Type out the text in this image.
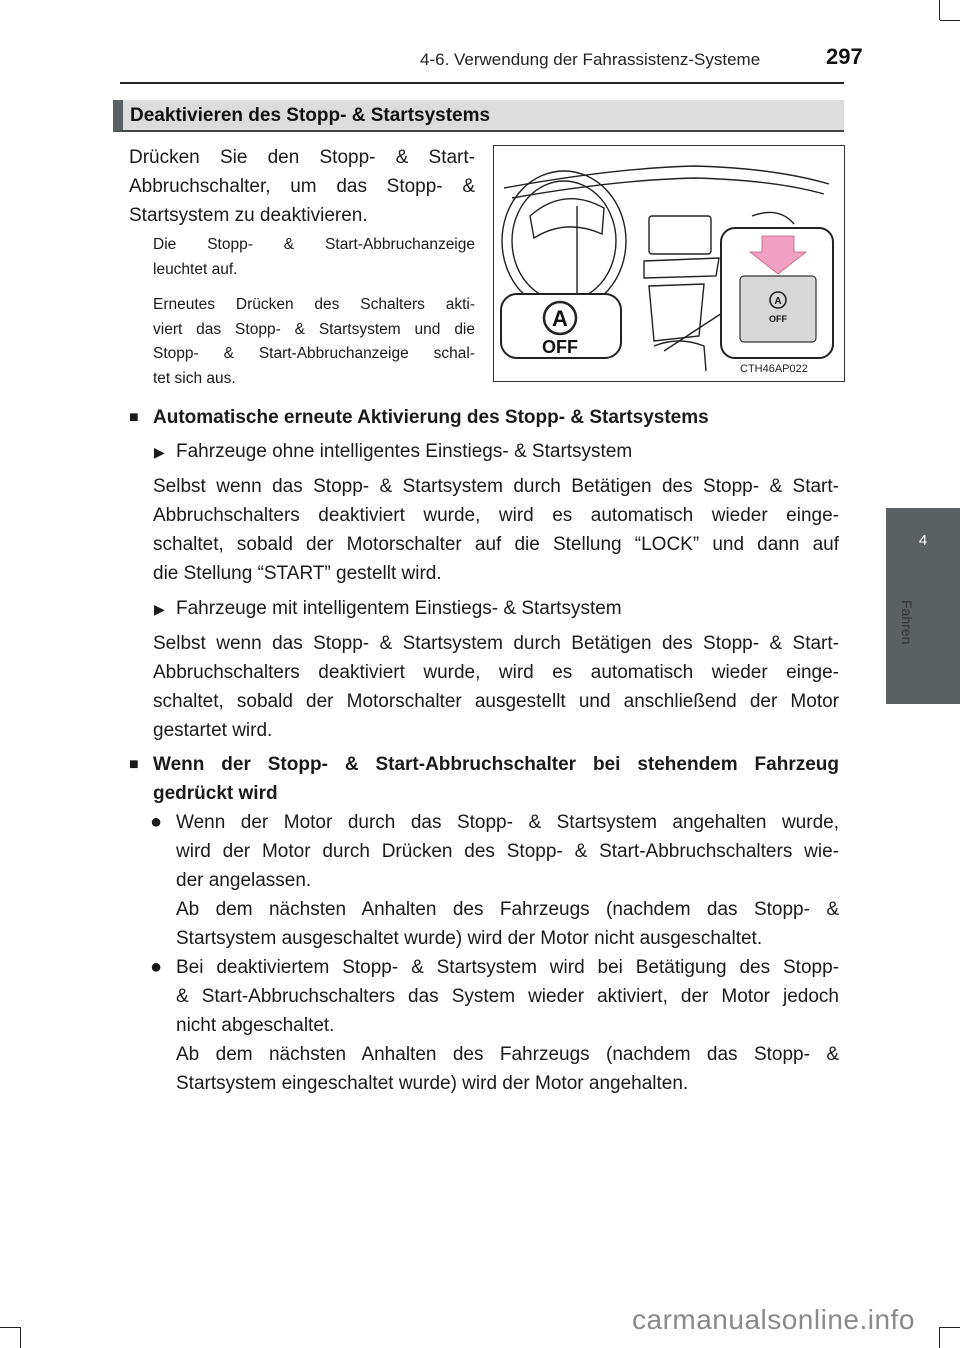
4-6. Verwendung der Fahrassistenz-Systeme	297
4
Fahren
Deaktivieren des Stopp- & Startsystems
Drücken Sie den Stopp- & Start-
Abbruchschalter, um das Stopp- &
Startsystem zu deaktivieren.
Die Stopp- & Start-Abbruchanzeige
leuchtet auf.
Erneutes Drücken des Schalters akti-
viert das Stopp- & Startsystem und die
Stopp- & Start-Abbruchanzeige schal-
tet sich aus.
A
OFF
A
OFF
CTH46AP022
■ Automatische erneute Aktivierung des Stopp- & Startsystems
▶ Fahrzeuge ohne intelligentes Einstiegs- & Startsystem
Selbst wenn das Stopp- & Startsystem durch Betätigen des Stopp- & Start-
Abbruchschalters deaktiviert wurde, wird es automatisch wieder einge-
schaltet, sobald der Motorschalter auf die Stellung “LOCK” und dann auf
die Stellung “START” gestellt wird.
▶ Fahrzeuge mit intelligentem Einstiegs- & Startsystem
Selbst wenn das Stopp- & Startsystem durch Betätigen des Stopp- & Start-
Abbruchschalters deaktiviert wurde, wird es automatisch wieder einge-
schaltet, sobald der Motorschalter ausgestellt und anschließend der Motor
gestartet wird.
■ Wenn der Stopp- & Start-Abbruchschalter bei stehendem Fahrzeug
gedrückt wird
● Wenn der Motor durch das Stopp- & Startsystem angehalten wurde,
wird der Motor durch Drücken des Stopp- & Start-Abbruchschalters wie-
der angelassen.
Ab dem nächsten Anhalten des Fahrzeugs (nachdem das Stopp- &
Startsystem ausgeschaltet wurde) wird der Motor nicht ausgeschaltet.
● Bei deaktiviertem Stopp- & Startsystem wird bei Betätigung des Stopp-
& Start-Abbruchschalters das System wieder aktiviert, der Motor jedoch
nicht abgeschaltet.
Ab dem nächsten Anhalten des Fahrzeugs (nachdem das Stopp- &
Startsystem eingeschaltet wurde) wird der Motor angehalten.
carmanualsonline.info
